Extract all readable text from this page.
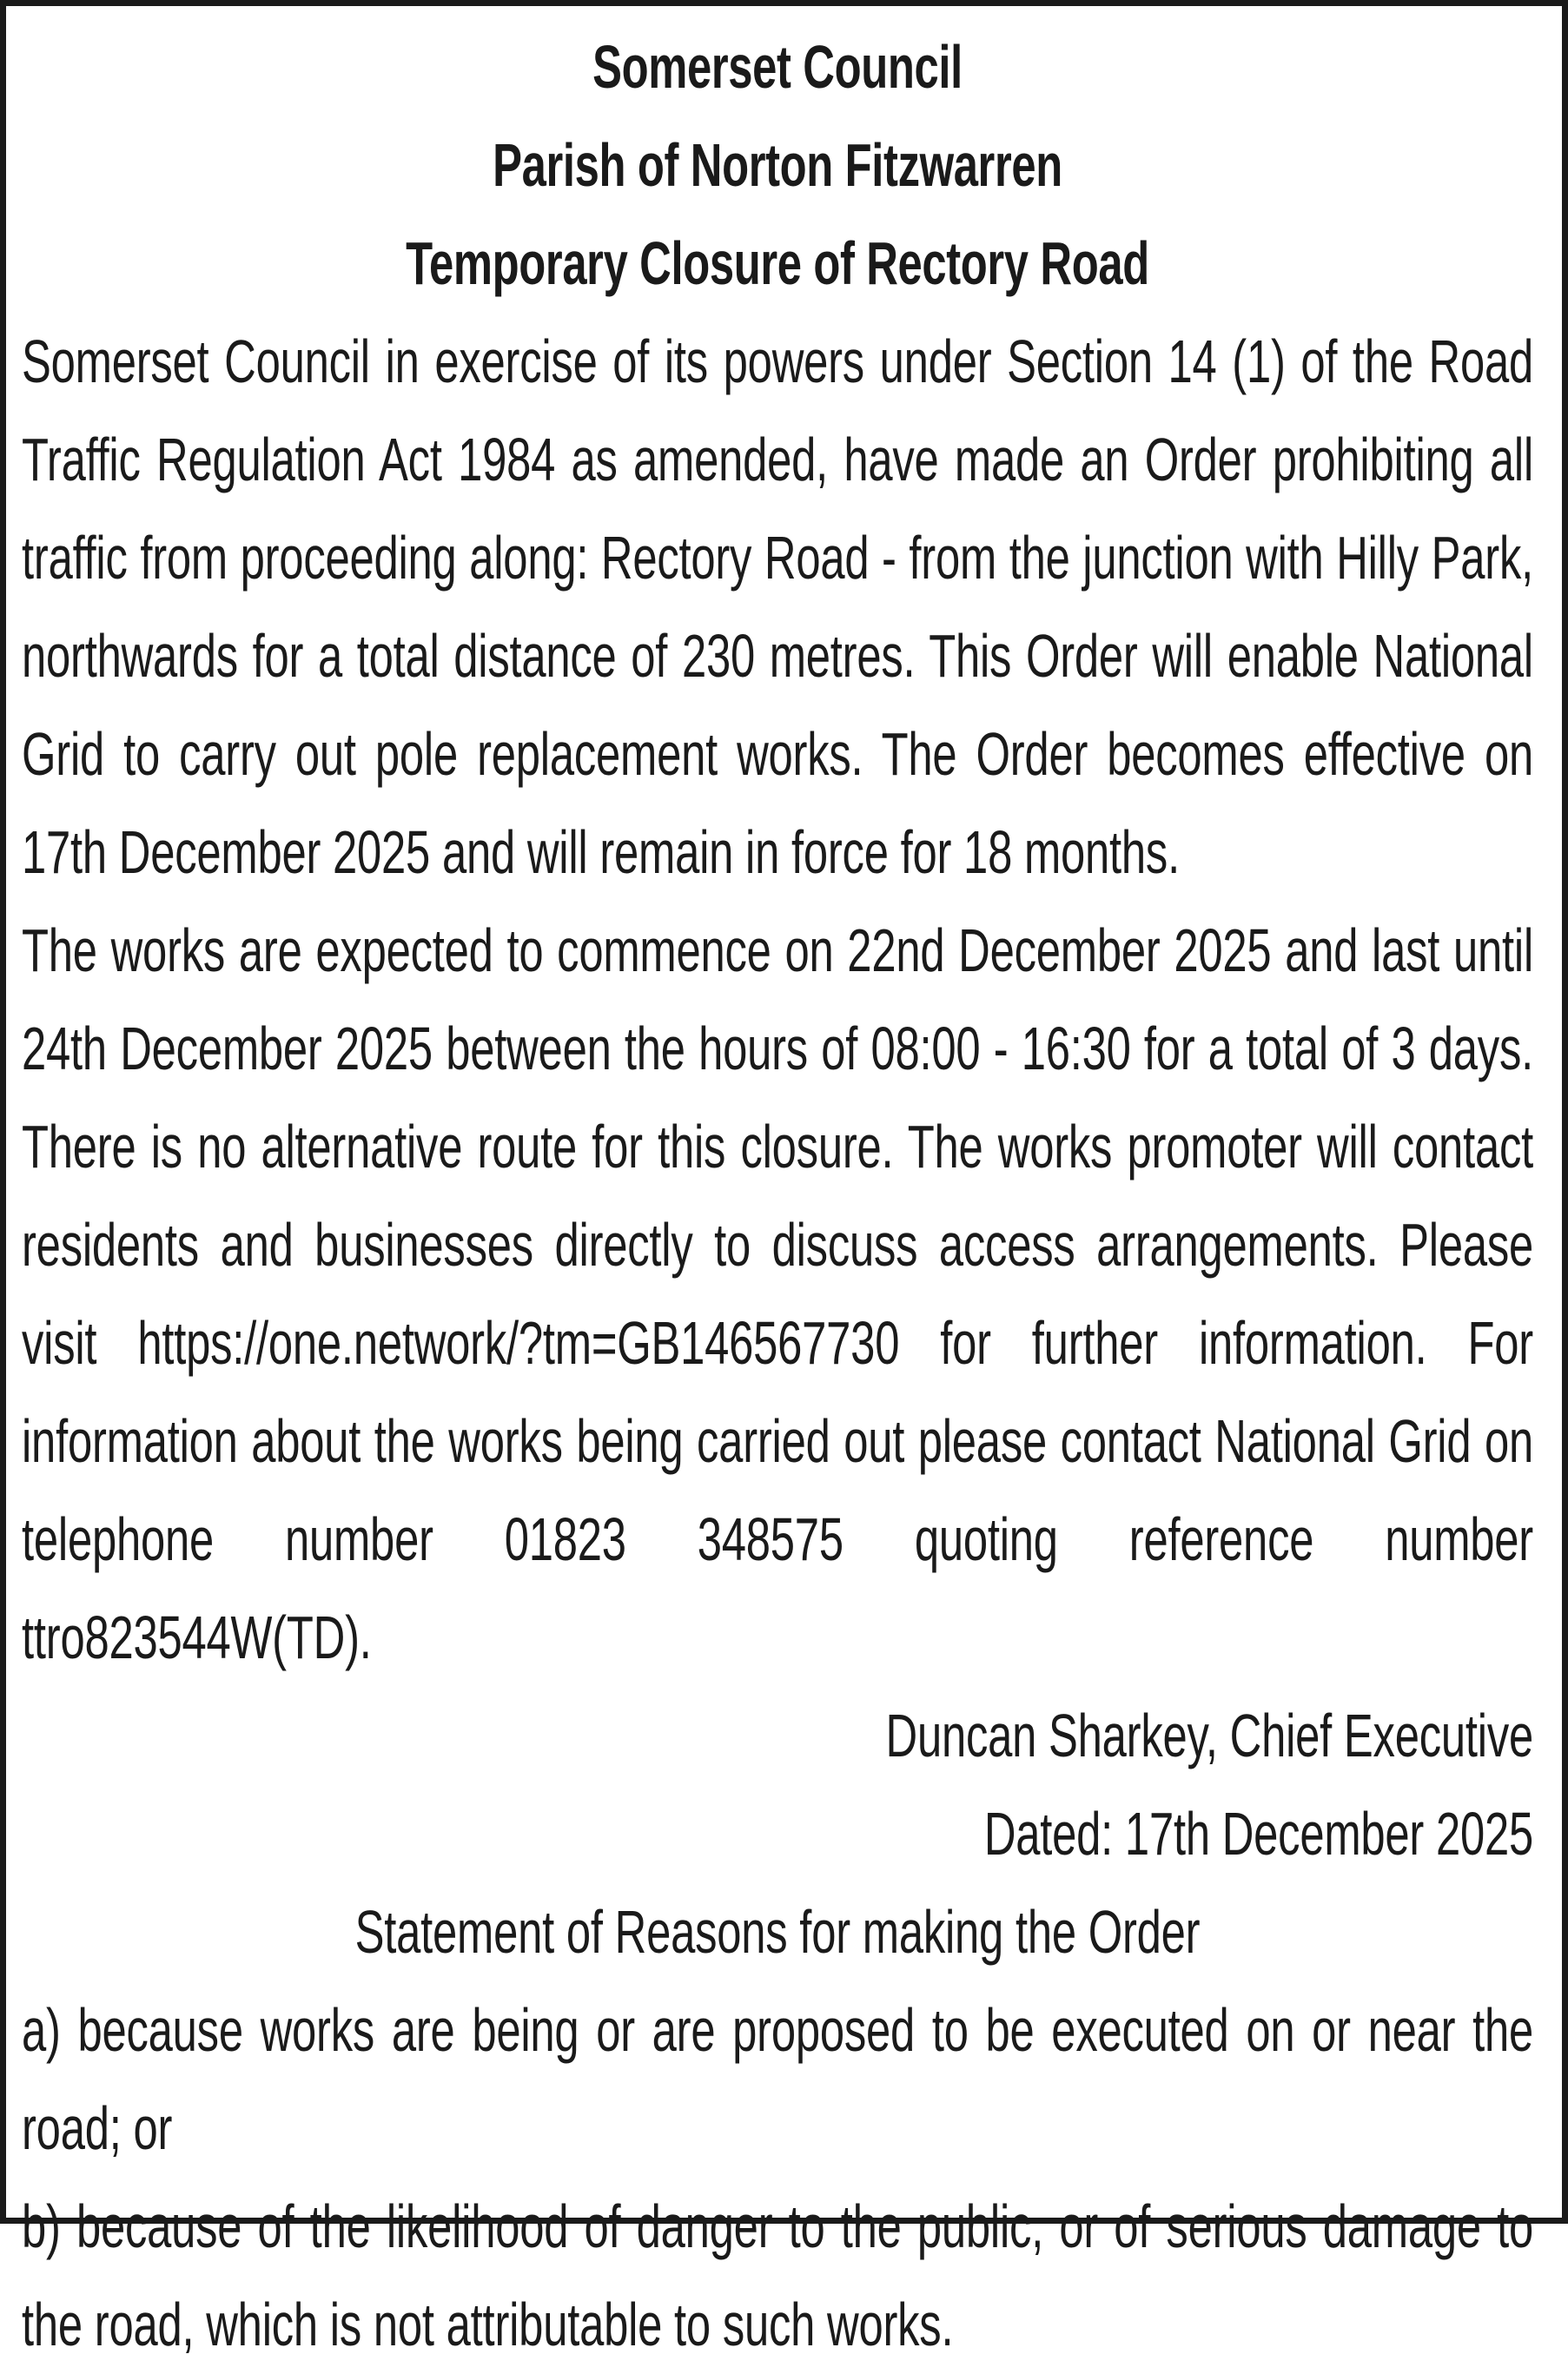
Somerset Council
Parish of Norton Fitzwarren
Temporary Closure of Rectory Road
Somerset Council in exercise of its powers under Section 14 (1) of the Road Traffic Regulation Act 1984 as amended, have made an Order prohibiting all traffic from proceeding along: Rectory Road - from the junction with Hilly Park, northwards for a total distance of 230 metres. This Order will enable National Grid to carry out pole replacement works. The Order becomes effective on 17th December 2025 and will remain in force for 18 months.
The works are expected to commence on 22nd December 2025 and last until 24th December 2025 between the hours of 08:00 - 16:30 for a total of 3 days. There is no alternative route for this closure. The works promoter will contact residents and businesses directly to discuss access arrangements. Please visit https://one.network/?tm=GB146567730 for further information. For information about the works being carried out please contact National Grid on telephone number 01823 348575 quoting reference number ttro823544W(TD).
Duncan Sharkey, Chief Executive
Dated: 17th December 2025
Statement of Reasons for making the Order
a) because works are being or are proposed to be executed on or near the road; or
b) because of the likelihood of danger to the public, or of serious damage to the road, which is not attributable to such works.
